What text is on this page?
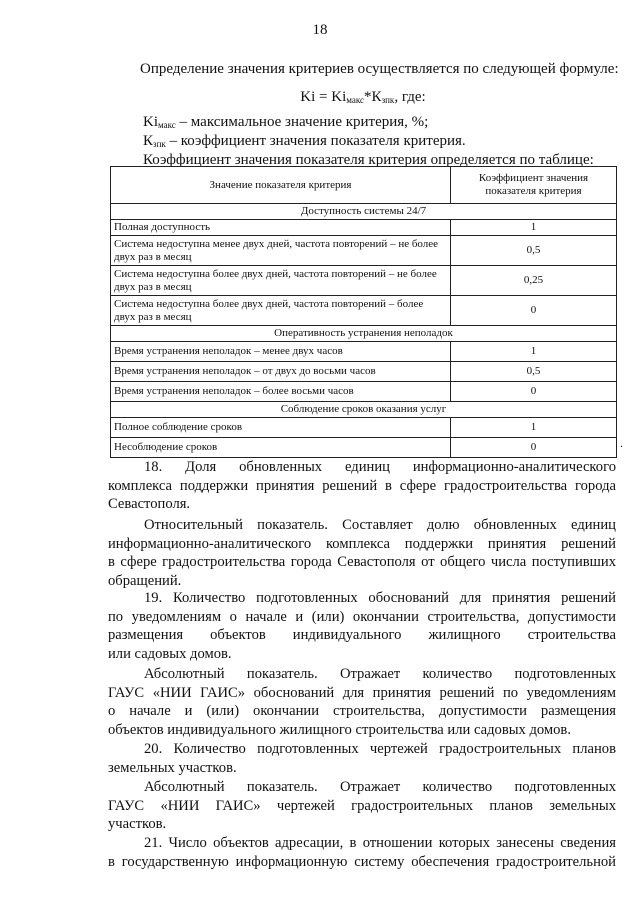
18
Определение значения критериев осуществляется по следующей формуле:
$Ki = Ki_{макс}*К_{зпк}$, где:
$Ki_{макс}$ – максимальное значение критерия, %;
$К_{зпк}$ – коэффициент значения показателя критерия.
Коэффициент значения показателя критерия определяется по таблице:
Значение показателя критерия	Коэффициент значения показателя критерия
Доступность системы 24/7	
Полная доступность	1
Система недоступна менее двух дней, частота повторений – не более двух раз в месяц	0,5
Система недоступна более двух дней, частота повторений – не более двух раз в месяц	0,25
Система недоступна более двух дней, частота повторений – более двух раз в месяц	0
Оперативность устранения неполадок	
Время устранения неполадок – менее двух часов	1
Время устранения неполадок – от двух до восьми часов	0,5
Время устранения неполадок – более восьми часов	0
Соблюдение сроков оказания услуг	
Полное соблюдение сроков	1
Несоблюдение сроков	0	.
18. Доля обновленных единиц информационно-аналитического
комплекса поддержки принятия решений в сфере градостроительства города
Севастополя.
Относительный показатель. Составляет долю обновленных единиц
информационно-аналитического комплекса поддержки принятия решений
в сфере градостроительства города Севастополя от общего числа поступивших
обращений.
19. Количество подготовленных обоснований для принятия решений
по уведомлениям о начале и (или) окончании строительства, допустимости
размещения объектов индивидуального жилищного строительства
или садовых домов.
Абсолютный показатель. Отражает количество подготовленных
ГАУС «НИИ ГАИС» обоснований для принятия решений по уведомлениям
о начале и (или) окончании строительства, допустимости размещения
объектов индивидуального жилищного строительства или садовых домов.
20. Количество подготовленных чертежей градостроительных планов
земельных участков.
Абсолютный показатель. Отражает количество подготовленных
ГАУС «НИИ ГАИС» чертежей градостроительных планов земельных
участков.
21. Число объектов адресации, в отношении которых занесены сведения
в государственную информационную систему обеспечения градостроительной
